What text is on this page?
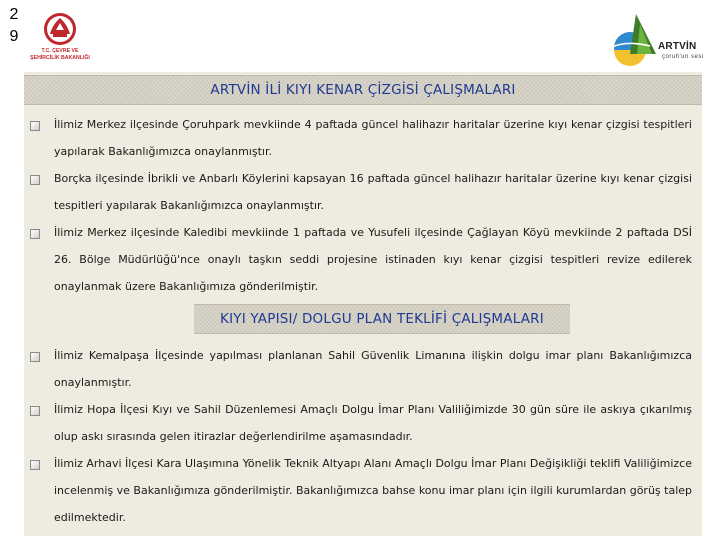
2
9
T.C. ÇEVRE VE
ŞEHİRCİLİK BAKANLIĞI
ARTVİN
çoruh'un sesi
ARTVİN İLİ KIYI KENAR ÇİZGİSİ ÇALIŞMALARI
İlimiz Merkez ilçesinde Çoruhpark mevkiinde 4 paftada güncel halihazır haritalar üzerine kıyı kenar çizgisi tespitleri yapılarak Bakanlığımızca onaylanmıştır.
Borçka ilçesinde İbrikli ve Anbarlı Köylerini kapsayan 16 paftada güncel halihazır haritalar üzerine kıyı kenar çizgisi tespitleri yapılarak Bakanlığımızca onaylanmıştır.
İlimiz Merkez ilçesinde Kaledibi mevkiinde 1 paftada ve Yusufeli ilçesinde Çağlayan Köyü mevkiinde 2 paftada DSİ 26. Bölge Müdürlüğü'nce onaylı taşkın seddi projesine istinaden kıyı kenar çizgisi tespitleri revize edilerek onaylanmak üzere Bakanlığımıza gönderilmiştir.
KIYI YAPISI/ DOLGU PLAN TEKLİFİ ÇALIŞMALARI
İlimiz Kemalpaşa İlçesinde yapılması planlanan Sahil Güvenlik Limanına ilişkin dolgu imar planı Bakanlığımızca onaylanmıştır.
İlimiz Hopa İlçesi Kıyı ve Sahil Düzenlemesi Amaçlı Dolgu İmar Planı Valiliğimizde 30 gün süre ile askıya çıkarılmış olup askı sırasında gelen itirazlar değerlendirilme aşamasındadır.
İlimiz Arhavi İlçesi Kara Ulaşımına Yönelik Teknik Altyapı Alanı Amaçlı Dolgu İmar Planı Değişikliği teklifi Valiliğimizce incelenmiş ve Bakanlığımıza gönderilmiştir. Bakanlığımızca bahse konu imar planı için ilgili kurumlardan görüş talep edilmektedir.
